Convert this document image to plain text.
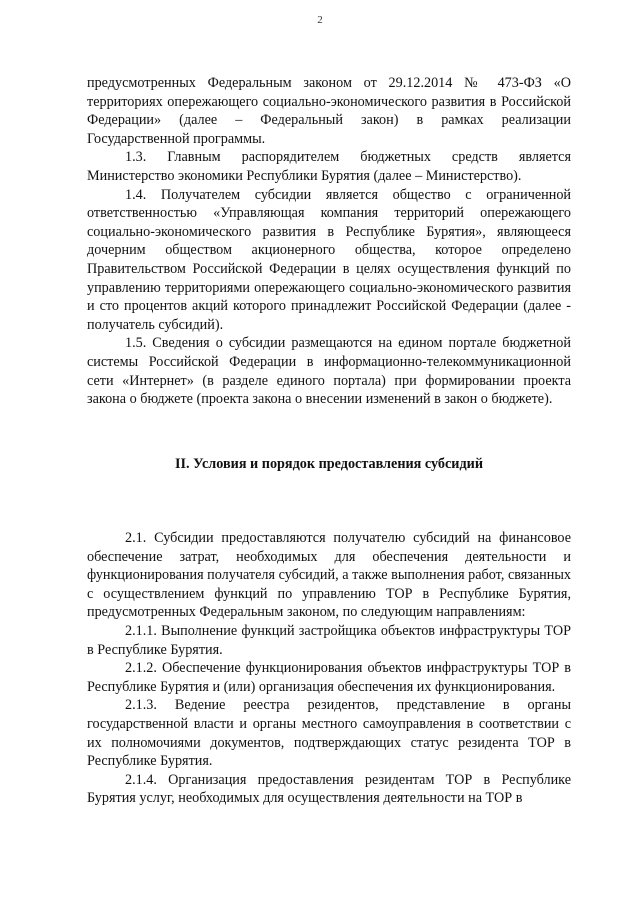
2

предусмотренных Федеральным законом от 29.12.2014 № 473-ФЗ «О территориях опережающего социально-экономического развития в Российской Федерации» (далее – Федеральный закон) в рамках реализации Государственной программы.

1.3. Главным распорядителем бюджетных средств является Министерство экономики Республики Бурятия (далее – Министерство).

1.4. Получателем субсидии является общество с ограниченной ответственностью «Управляющая компания территорий опережающего социально-экономического развития в Республике Бурятия», являющееся дочерним обществом акционерного общества, которое определено Правительством Российской Федерации в целях осуществления функций по управлению территориями опережающего социально-экономического развития и сто процентов акций которого принадлежит Российской Федерации (далее - получатель субсидий).

1.5. Сведения о субсидии размещаются на едином портале бюджетной системы Российской Федерации в информационно-телекоммуникационной сети «Интернет» (в разделе единого портала) при формировании проекта закона о бюджете (проекта закона о внесении изменений в закон о бюджете).

II. Условия и порядок предоставления субсидий

2.1. Субсидии предоставляются получателю субсидий на финансовое обеспечение затрат, необходимых для обеспечения деятельности и функционирования получателя субсидий, а также выполнения работ, связанных с осуществлением функций по управлению ТОР в Республике Бурятия, предусмотренных Федеральным законом, по следующим направлениям:

2.1.1. Выполнение функций застройщика объектов инфраструктуры ТОР в Республике Бурятия.

2.1.2. Обеспечение функционирования объектов инфраструктуры ТОР в Республике Бурятия и (или) организация обеспечения их функционирования.

2.1.3. Ведение реестра резидентов, представление в органы государственной власти и органы местного самоуправления в соответствии с их полномочиями документов, подтверждающих статус резидента ТОР в Республике Бурятия.

2.1.4. Организация предоставления резидентам ТОР в Республике Бурятия услуг, необходимых для осуществления деятельности на ТОР в
